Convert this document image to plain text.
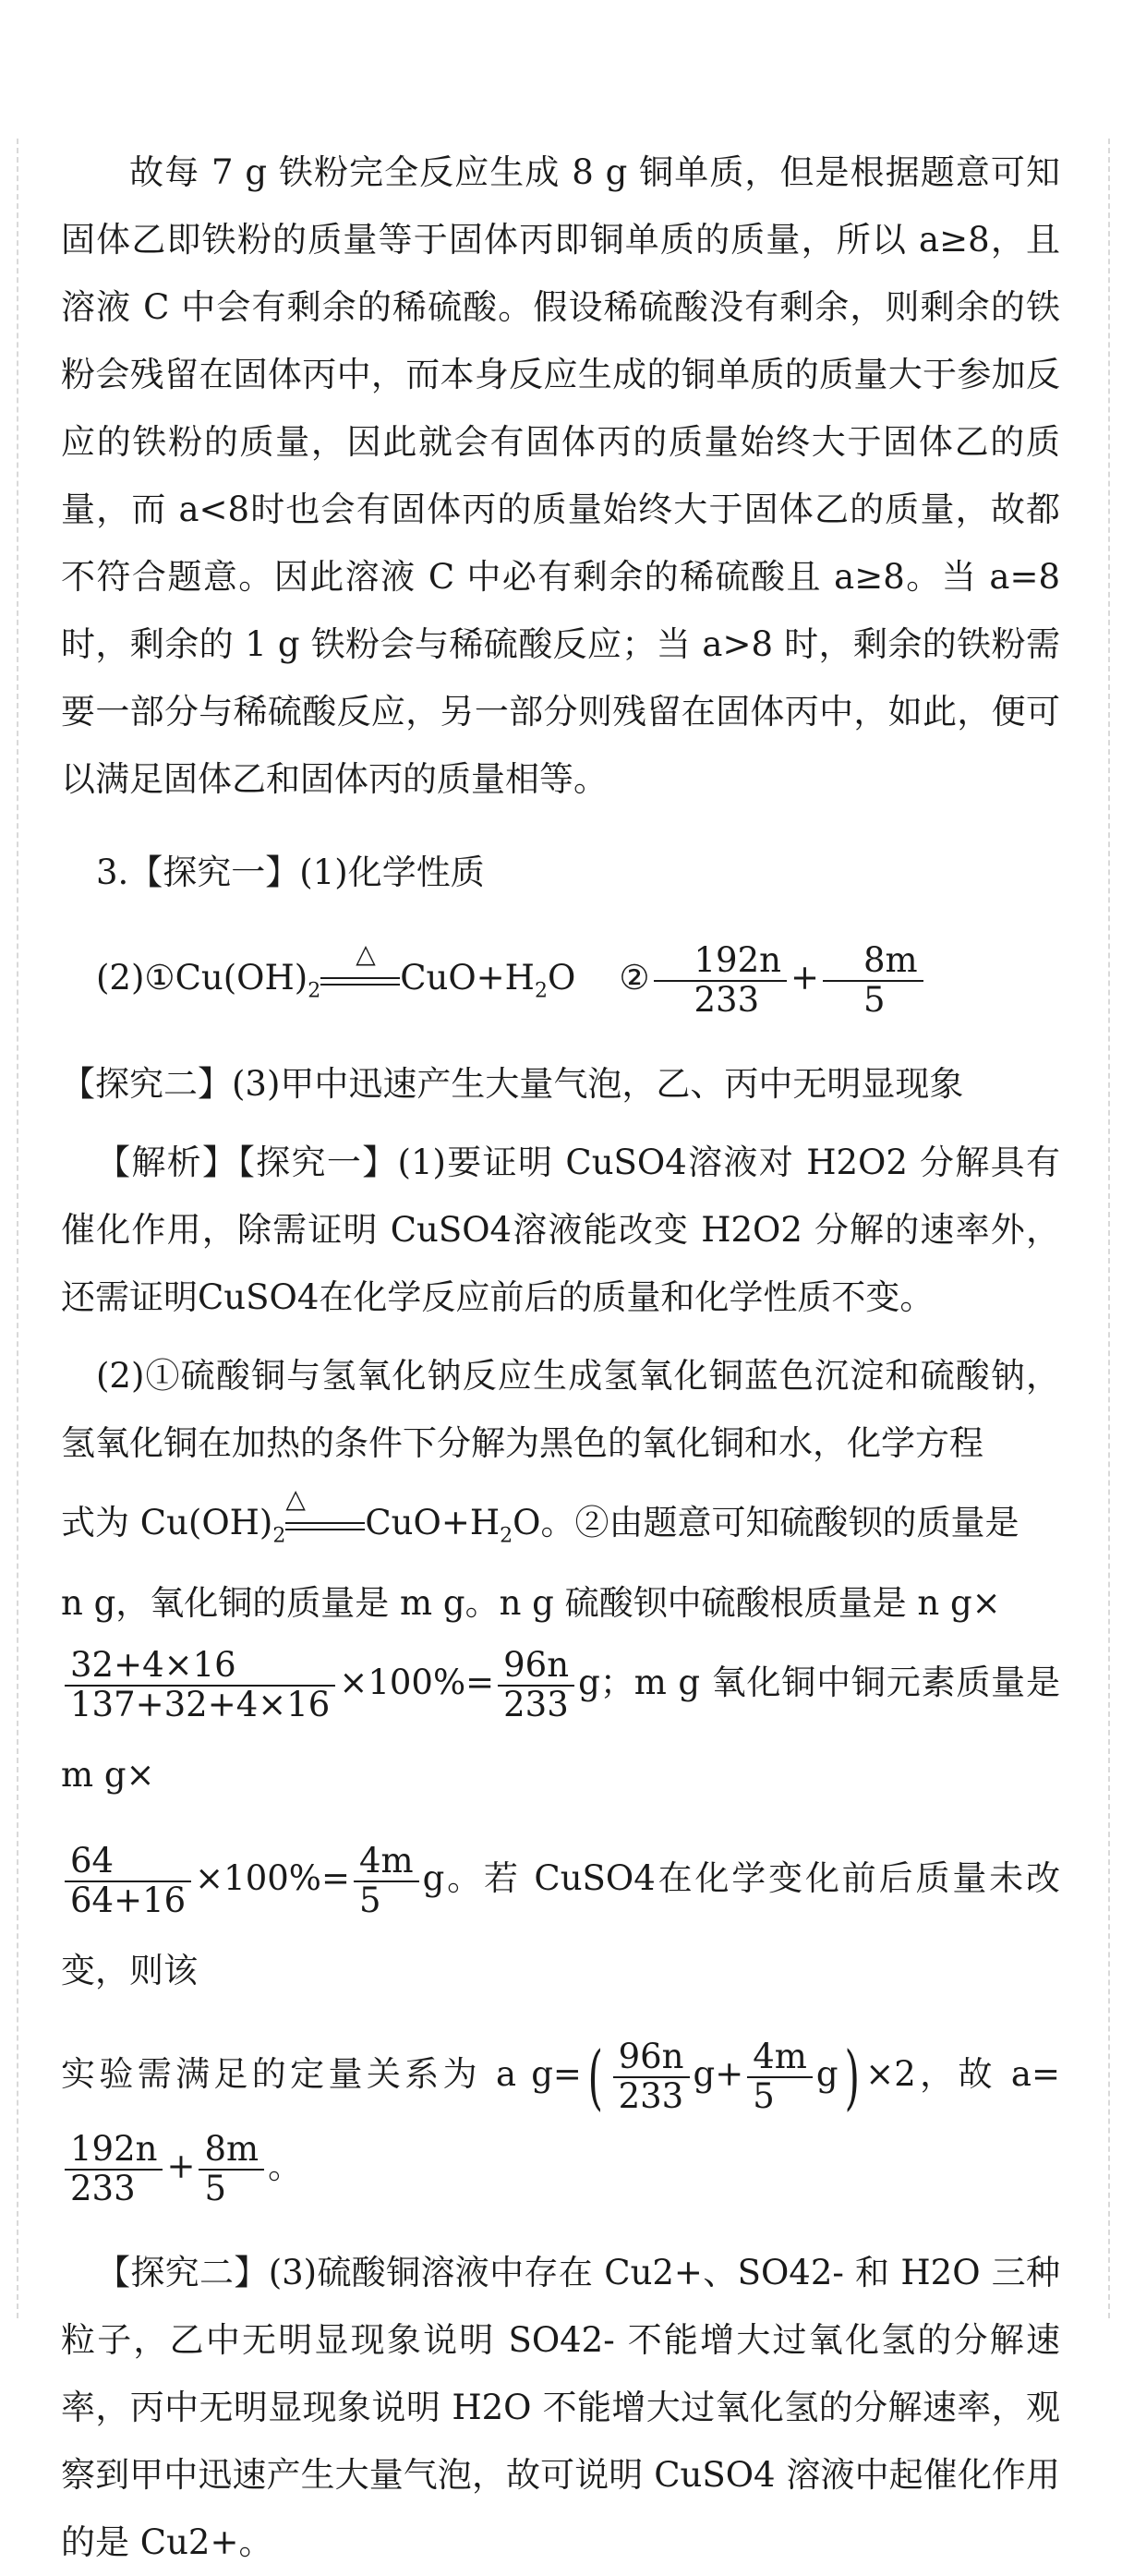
故每 7 g 铁粉完全反应生成 8 g 铜单质，但是根据题意可知固体乙即铁粉的质量等于固体丙即铜单质的质量，所以 a≥8，且溶液 C 中会有剩余的稀硫酸。假设稀硫酸没有剩余，则剩余的铁粉会残留在固体丙中，而本身反应生成的铜单质的质量大于参加反应的铁粉的质量，因此就会有固体丙的质量始终大于固体乙的质量，而 a<8时也会有固体丙的质量始终大于固体乙的质量，故都不符合题意。因此溶液 C 中必有剩余的稀硫酸且 a≥8。当 a=8 时，剩余的 1 g 铁粉会与稀硫酸反应；当 a>8 时，剩余的铁粉需要一部分与稀硫酸反应，另一部分则残留在固体丙中，如此，便可以满足固体乙和固体丙的质量相等。

3.【探究一】(1)化学性质

$(2)①Cu(OH)_2$
△
$CuO+H_2O$ ② $\frac{192n}{233} + \frac{8m}{5}$

【探究二】(3)甲中迅速产生大量气泡，乙、丙中无明显现象

【解析】【探究一】(1)要证明 CuSO4溶液对 H2O2 分解具有催化作用，除需证明 CuSO4溶液能改变 H2O2 分解的速率外，还需证明CuSO4在化学反应前后的质量和化学性质不变。

(2)①硫酸铜与氢氧化钠反应生成氢氧化铜蓝色沉淀和硫酸钠，氢氧化铜在加热的条件下分解为黑色的氧化铜和水，化学方程

式为 $Cu(OH)_2$
△
$CuO+H_2O$。②由题意可知硫酸钡的质量是

n g，氧化铜的质量是 m g。n g 硫酸钡中硫酸根质量是 n g×

$\frac{32+4\times 16}{137+32+4\times 16} \times 100\%= \frac{96n}{233}$ g；m g 氧化铜中铜元素质量是 m g×

$\frac{64}{64+16} \times 100\%= \frac{4m}{5}$ g。若 CuSO4在化学变化前后质量未改变，则该

实验需满足的定量关系为 a $g=( \frac{96n}{233} g+ \frac{4m}{5} g) \times 2$，故 a=
$\frac{192n}{233} + \frac{8m}{5}$ 。

【探究二】(3)硫酸铜溶液中存在 Cu2+、SO42- 和 H2O 三种粒子，乙中无明显现象说明 SO42- 不能增大过氧化氢的分解速率，丙中无明显现象说明 H2O 不能增大过氧化氢的分解速率，观察到甲中迅速产生大量气泡，故可说明 CuSO4 溶液中起催化作用的是 Cu2+。
